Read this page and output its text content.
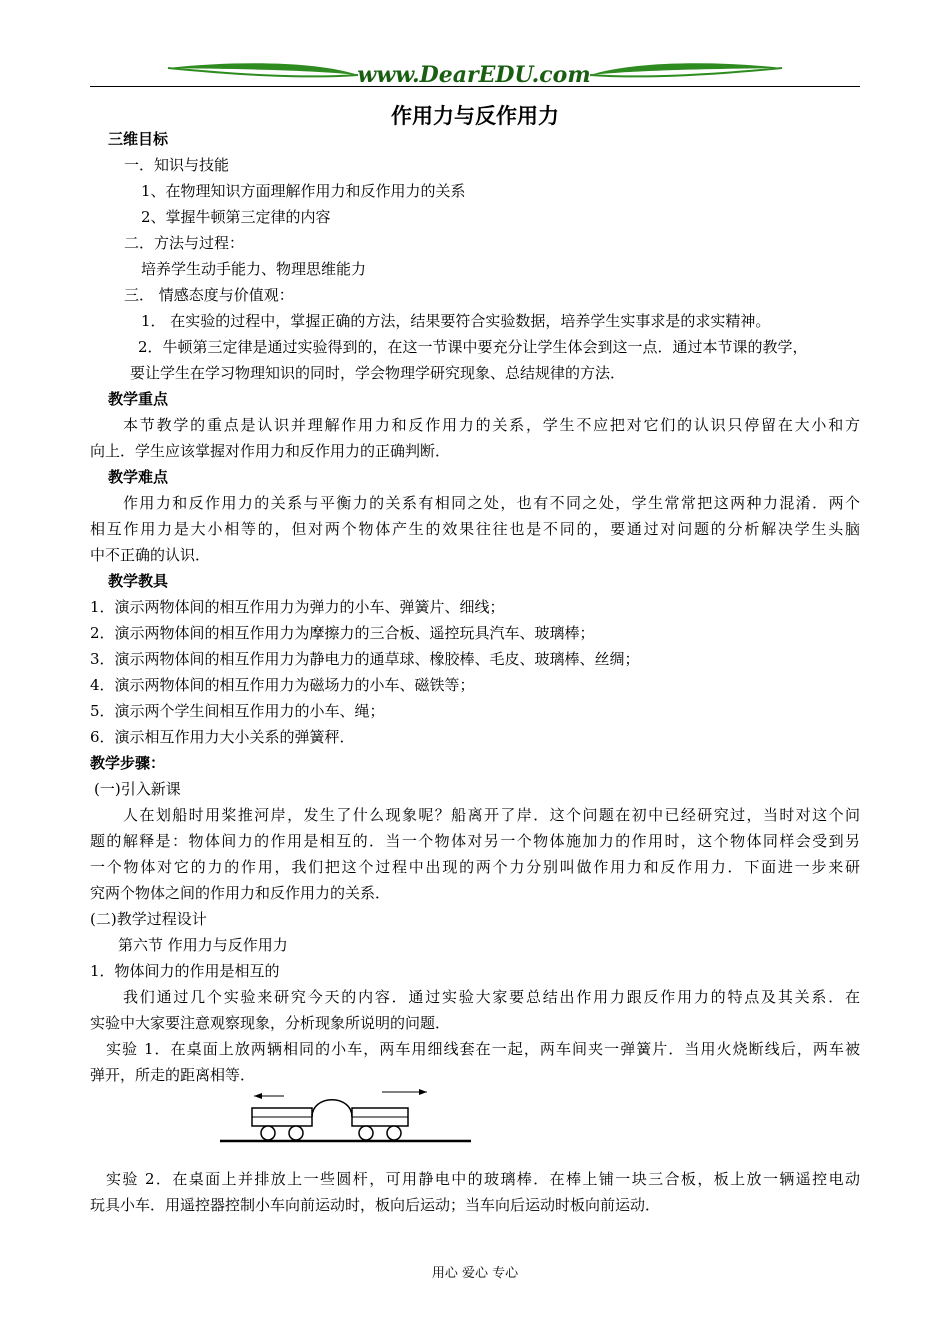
www.DearEDU.com
作用力与反作用力
三维目标
一．知识与技能
1、在物理知识方面理解作用力和反作用力的关系
2、掌握牛顿第三定律的内容
二．方法与过程：
培养学生动手能力、物理思维能力
三． 情感态度与价值观：
1． 在实验的过程中，掌握正确的方法，结果要符合实验数据，培养学生实事求是的求实精神。
2．牛顿第三定律是通过实验得到的，在这一节课中要充分让学生体会到这一点．通过本节课的教学，
要让学生在学习物理知识的同时，学会物理学研究现象、总结规律的方法．
教学重点
本节教学的重点是认识并理解作用力和反作用力的关系，学生不应把对它们的认识只停留在大小和方
向上．学生应该掌握对作用力和反作用力的正确判断．
教学难点
作用力和反作用力的关系与平衡力的关系有相同之处，也有不同之处，学生常常把这两种力混淆．两个
相互作用力是大小相等的，但对两个物体产生的效果往往也是不同的，要通过对问题的分析解决学生头脑
中不正确的认识．
教学教具
1．演示两物体间的相互作用力为弹力的小车、弹簧片、细线；
2．演示两物体间的相互作用力为摩擦力的三合板、遥控玩具汽车、玻璃棒；
3．演示两物体间的相互作用力为静电力的通草球、橡胶棒、毛皮、玻璃棒、丝绸；
4．演示两物体间的相互作用力为磁场力的小车、磁铁等；
5．演示两个学生间相互作用力的小车、绳；
6．演示相互作用力大小关系的弹簧秤．
教学步骤：
(一)引入新课
人在划船时用桨推河岸，发生了什么现象呢？船离开了岸．这个问题在初中已经研究过，当时对这个问
题的解释是：物体间力的作用是相互的．当一个物体对另一个物体施加力的作用时，这个物体同样会受到另
一个物体对它的力的作用，我们把这个过程中出现的两个力分别叫做作用力和反作用力．下面进一步来研
究两个物体之间的作用力和反作用力的关系．
(二)教学过程设计
第六节 作用力与反作用力
1．物体间力的作用是相互的
我们通过几个实验来研究今天的内容．通过实验大家要总结出作用力跟反作用力的特点及其关系．在
实验中大家要注意观察现象，分析现象所说明的问题．
实验 1．在桌面上放两辆相同的小车，两车用细线套在一起，两车间夹一弹簧片．当用火烧断线后，两车被
弹开，所走的距离相等．
实验 2．在桌面上并排放上一些圆杆，可用静电中的玻璃棒．在棒上铺一块三合板，板上放一辆遥控电动
玩具小车．用遥控器控制小车向前运动时，板向后运动；当车向后运动时板向前运动．
用心 爱心 专心
